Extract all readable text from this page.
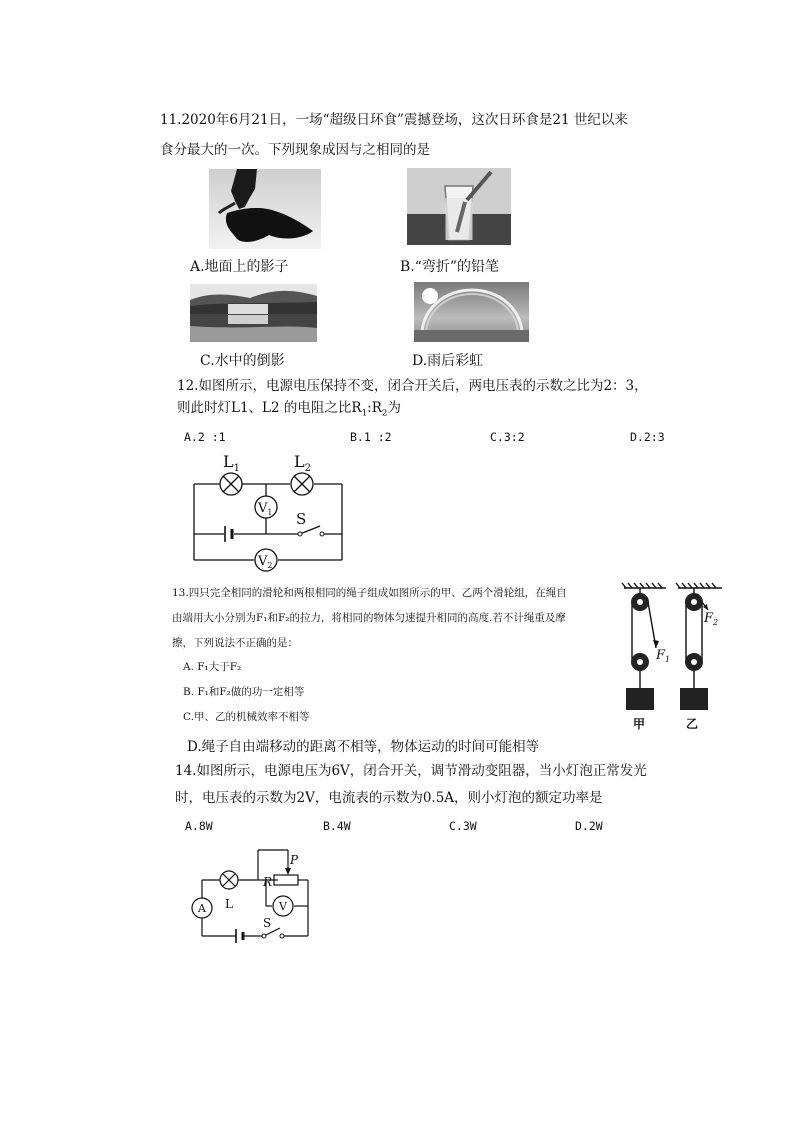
11.2020年6月21日，一场“超级日环食”震撼登场，这次日环食是21 世纪以来
食分最大的一次。下列现象成因与之相同的是
A.地面上的影子	B.“弯折”的铅笔
C.水中的倒影	D.雨后彩虹
12.如图所示，电源电压保持不变，闭合开关后，两电压表的示数之比为2：3，
则此时灯L1、L2 的电阻之比$R_1:R_2$为
A.2 :1	B.1 :2	C.3:2	D.2:3
$L_1$	$L_2$
$V_1$
$V_2$
S
13.四只完全相同的滑轮和两根相同的绳子组成如图所示的甲、乙两个滑轮组，在绳自
由端用大小分别为F₁和F₂的拉力，将相同的物体匀速提升相同的高度.若不计绳重及摩
擦，下列说法不正确的是：
A. F₁大于F₂
B. F₁和F₂做的功一定相等
C.甲、乙的机械效率不相等
D.绳子自由端移动的距离不相等，物体运动的时间可能相等
$F_1$
$F_2$
甲	乙
14.如图所示，电源电压为6V，闭合开关，调节滑动变阻器，当小灯泡正常发光
时，电压表的示数为2V，电流表的示数为0.5A，则小灯泡的额定功率是
A.8W	B.4W	C.3W	D.2W
P
R
L
A	V
S
